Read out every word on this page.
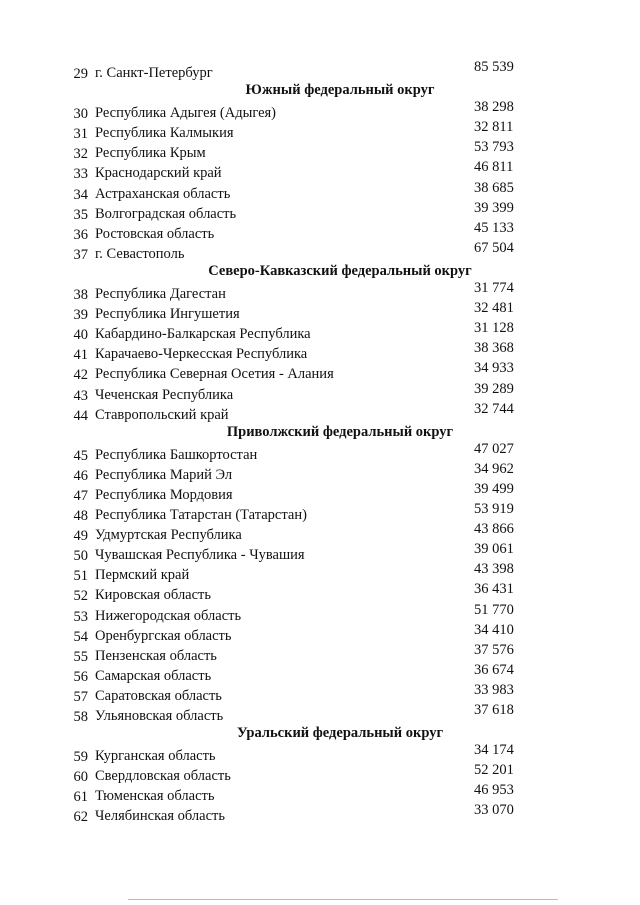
29 г. Санкт-Петербург	85 539
Южный федеральный округ
30 Республика Адыгея (Адыгея)	38 298
31 Республика Калмыкия	32 811
32 Республика Крым	53 793
33 Краснодарский край	46 811
34 Астраханская область	38 685
35 Волгоградская область	39 399
36 Ростовская область	45 133
37 г. Севастополь	67 504
Северо-Кавказский федеральный округ
38 Республика Дагестан	31 774
39 Республика Ингушетия	32 481
40 Кабардино-Балкарская Республика	31 128
41 Карачаево-Черкесская Республика	38 368
42 Республика Северная Осетия - Алания	34 933
43 Чеченская Республика	39 289
44 Ставропольский край	32 744
Приволжский федеральный округ
45 Республика Башкортостан	47 027
46 Республика Марий Эл	34 962
47 Республика Мордовия	39 499
48 Республика Татарстан (Татарстан)	53 919
49 Удмуртская Республика	43 866
50 Чувашская Республика - Чувашия	39 061
51 Пермский край	43 398
52 Кировская область	36 431
53 Нижегородская область	51 770
54 Оренбургская область	34 410
55 Пензенская область	37 576
56 Самарская область	36 674
57 Саратовская область	33 983
58 Ульяновская область	37 618
Уральский федеральный округ
59 Курганская область	34 174
60 Свердловская область	52 201
61 Тюменская область	46 953
62 Челябинская область	33 070
